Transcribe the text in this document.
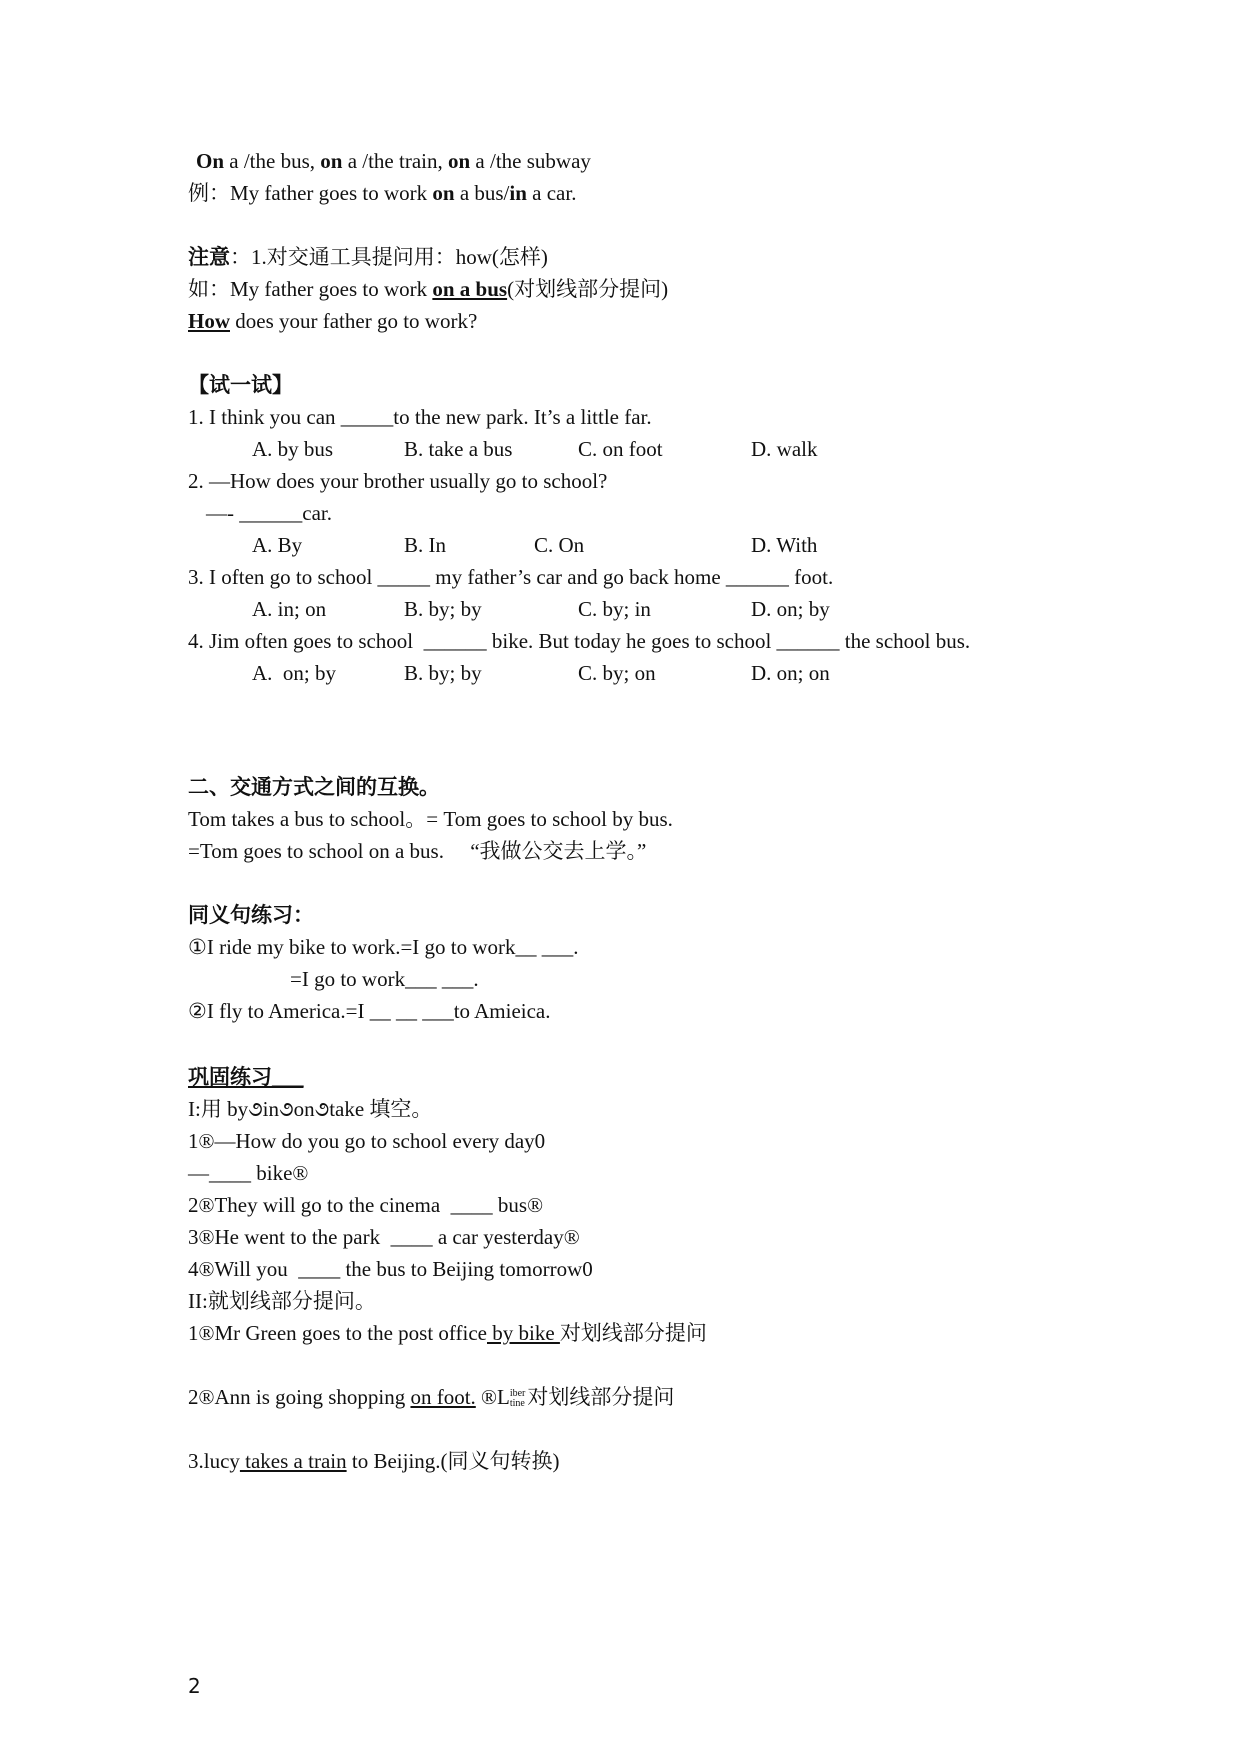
On a /the bus, on a /the train, on a /the subway
例：My father goes to work on a bus/in a car.
注意：1.对交通工具提问用：how(怎样)
如：My father goes to work on a bus(对划线部分提问)
How does your father go to work?
【试一试】
1. I think you can _____to the new park. It’s a little far.
A. by bus	B. take a bus	C. on foot	D. walk
2. —How does your brother usually go to school?
—- ______car.
A. By	B. In	C. On	D. With
3. I often go to school _____ my father’s car and go back home ______ foot.
A. in; on	B. by; by	C. by; in	D. on; by
4. Jim often goes to school  ______ bike. But today he goes to school ______ the school bus.
A.  on; by	B. by; by	C. by; on	D. on; on
二、交通方式之间的互换。
Tom takes a bus to school。= Tom goes to school by bus.
=Tom goes to school on a bus.     “我做公交去上学。”
同义句练习：
①I ride my bike to work.=I go to work__ ___.
=I go to work___ ___.
②I fly to America.=I __ __ ___to Amieica.
巩固练习___
I:用 by૭in૭on૭take 填空。
1®—How do you go to school every day0
—____ bike®
2®They will go to the cinema  ____ bus®
3®He went to the park  ____ a car yesterday®
4®Will you  ____ the bus to Beijing tomorrow0
II:就划线部分提问。
1®Mr Green goes to the post office by bike 对划线部分提问
2®Ann is going shopping on foot. ®L iber
tine 对划线部分提问
3.lucy takes a train to Beijing.(同义句转换)
2
